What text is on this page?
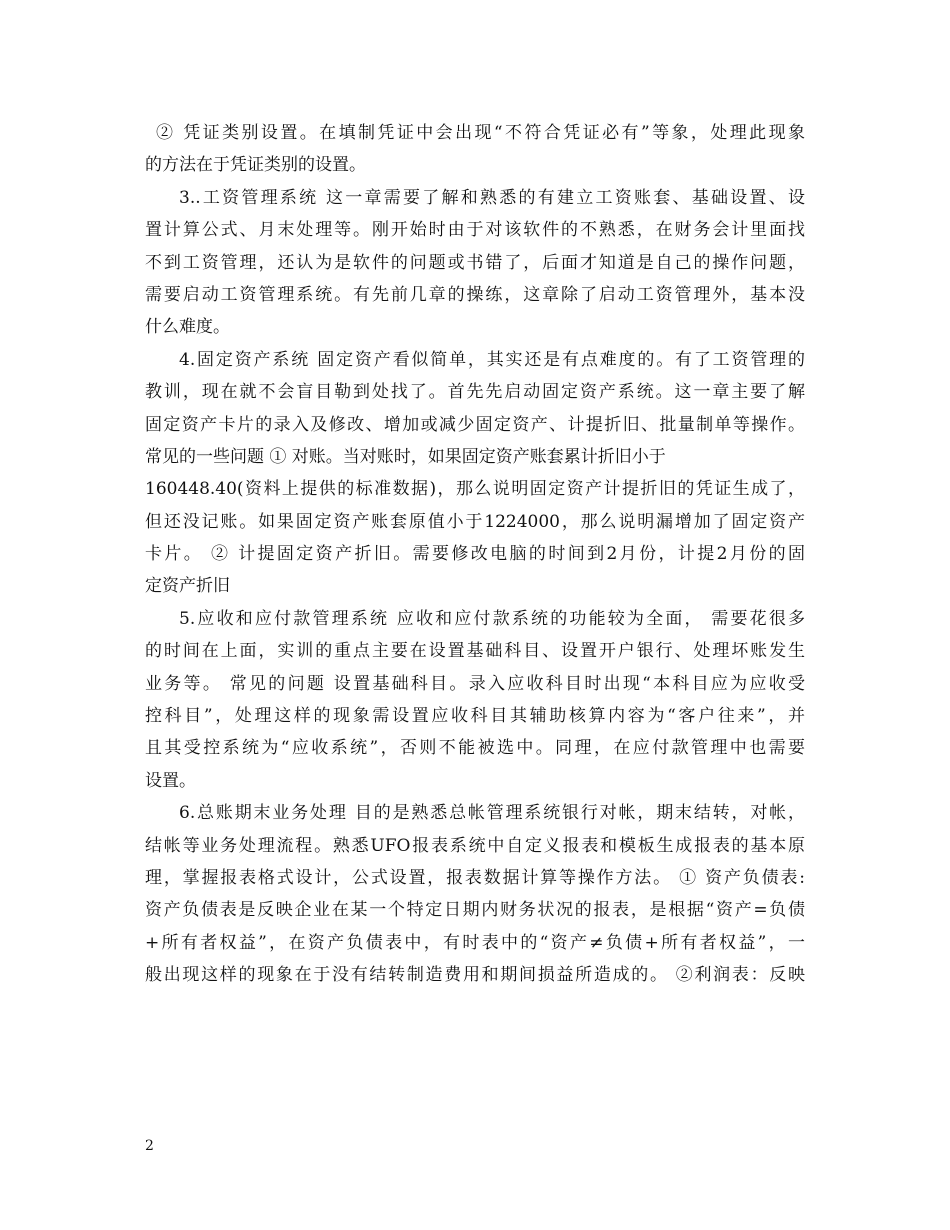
② 凭证类别设置。在填制凭证中会出现“不符合凭证必有”等象，处理此现象
的方法在于凭证类别的设置。
3..工资管理系统 这一章需要了解和熟悉的有建立工资账套、基础设置、设
置计算公式、月末处理等。刚开始时由于对该软件的不熟悉，在财务会计里面找
不到工资管理，还认为是软件的问题或书错了，后面才知道是自己的操作问题，
需要启动工资管理系统。有先前几章的操练，这章除了启动工资管理外，基本没
什么难度。
4.固定资产系统 固定资产看似简单，其实还是有点难度的。有了工资管理的
教训，现在就不会盲目勒到处找了。首先先启动固定资产系统。这一章主要了解
固定资产卡片的录入及修改、增加或减少固定资产、计提折旧、批量制单等操作。
常见的一些问题 ① 对账。当对账时，如果固定资产账套累计折旧小于
160448.40(资料上提供的标准数据)，那么说明固定资产计提折旧的凭证生成了，
但还没记账。如果固定资产账套原值小于1224000，那么说明漏增加了固定资产
卡片。 ② 计提固定资产折旧。需要修改电脑的时间到2月份，计提2月份的固
定资产折旧
5.应收和应付款管理系统 应收和应付款系统的功能较为全面， 需要花很多
的时间在上面，实训的重点主要在设置基础科目、设置开户银行、处理坏账发生
业务等。 常见的问题 设置基础科目。录入应收科目时出现“本科目应为应收受
控科目”，处理这样的现象需设置应收科目其辅助核算内容为“客户往来”，并
且其受控系统为“应收系统”，否则不能被选中。同理，在应付款管理中也需要
设置。
6.总账期末业务处理 目的是熟悉总帐管理系统银行对帐，期末结转，对帐，
结帐等业务处理流程。熟悉UFO报表系统中自定义报表和模板生成报表的基本原
理，掌握报表格式设计，公式设置，报表数据计算等操作方法。 ① 资产负债表:
资产负债表是反映企业在某一个特定日期内财务状况的报表，是根据“资产=负债
+所有者权益”，在资产负债表中，有时表中的“资产≠负债+所有者权益”，一
般出现这样的现象在于没有结转制造费用和期间损益所造成的。 ②利润表：反映
2
